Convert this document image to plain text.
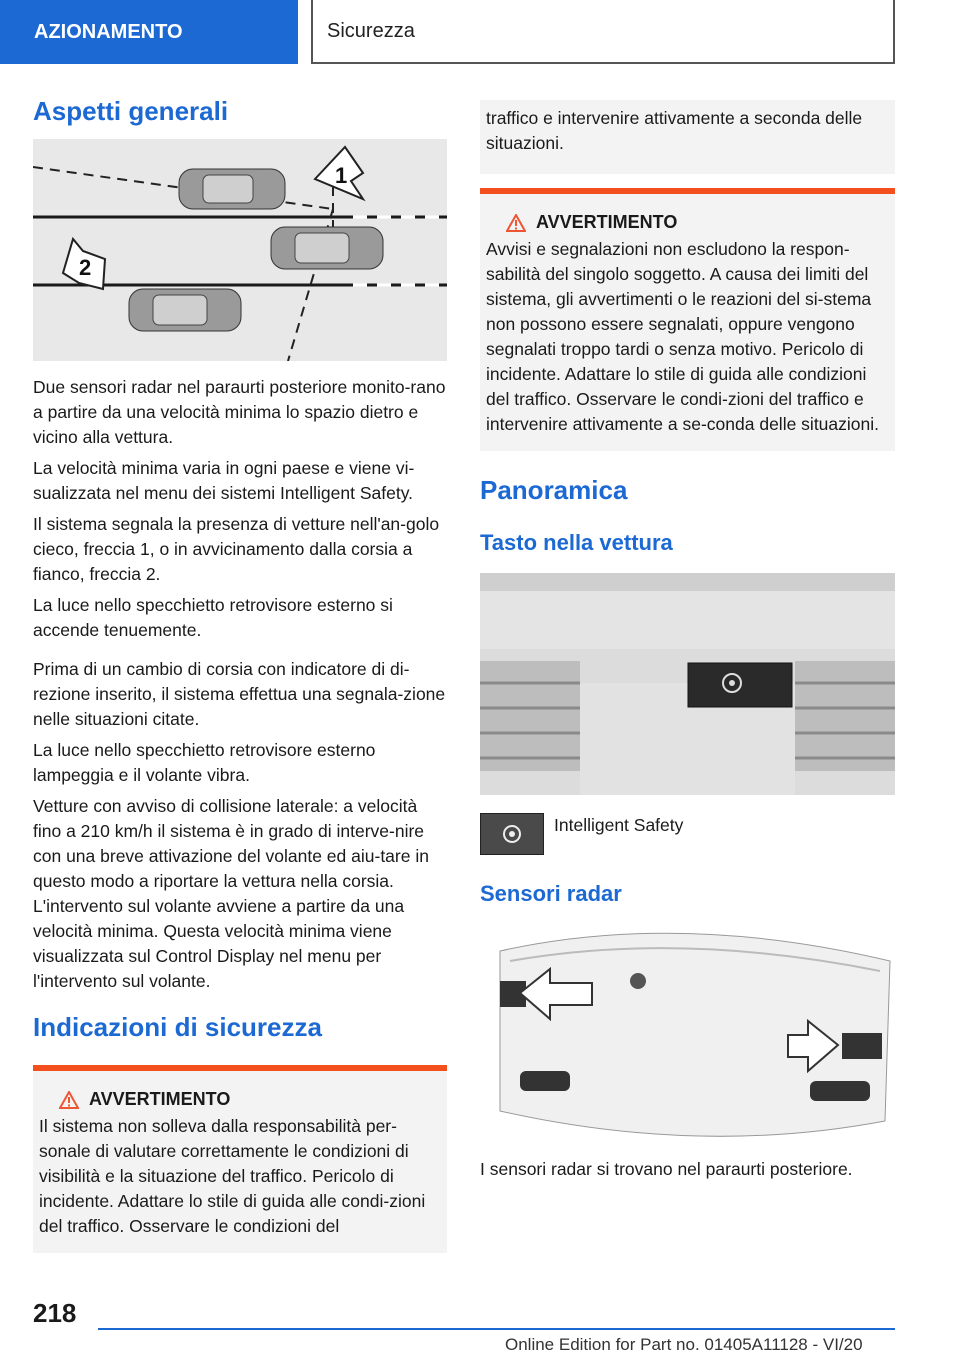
AZIONAMENTO	Sicurezza
Aspetti generali
1
2

Due sensori radar nel paraurti posteriore monito-rano a partire da una velocità minima lo spazio dietro e vicino alla vettura.

La velocità minima varia in ogni paese e viene vi-sualizzata nel menu dei sistemi Intelligent Safety.

Il sistema segnala la presenza di vetture nell'an-golo cieco, freccia 1, o in avvicinamento dalla corsia a fianco, freccia 2.

La luce nello specchietto retrovisore esterno si accende tenuemente.

Prima di un cambio di corsia con indicatore di di-rezione inserito, il sistema effettua una segnala-zione nelle situazioni citate.

La luce nello specchietto retrovisore esterno lampeggia e il volante vibra.

Vetture con avviso di collisione laterale: a velocità fino a 210 km/h il sistema è in grado di interve-nire con una breve attivazione del volante ed aiu-tare in questo modo a riportare la vettura nella corsia. L'intervento sul volante avviene a partire da una velocità minima. Questa velocità minima viene visualizzata sul Control Display nel menu per l'intervento sul volante.

Indicazioni di sicurezza
AVVERTIMENTO

Il sistema non solleva dalla responsabilità per-sonale di valutare correttamente le condizioni di visibilità e la situazione del traffico. Pericolo di incidente. Adattare lo stile di guida alle condi-zioni del traffico. Osservare le condizioni del

traffico e intervenire attivamente a seconda delle situazioni.

AVVERTIMENTO

Avvisi e segnalazioni non escludono la respon-sabilità del singolo soggetto. A causa dei limiti del sistema, gli avvertimenti o le reazioni del si-stema non possono essere segnalati, oppure vengono segnalati troppo tardi o senza motivo. Pericolo di incidente. Adattare lo stile di guida alle condizioni del traffico. Osservare le condi-zioni del traffico e intervenire attivamente a se-conda delle situazioni.

Panoramica
Tasto nella vettura

Intelligent Safety

Sensori radar

I sensori radar si trovano nel paraurti posteriore.

218
Online Edition for Part no. 01405A11128 - VI/20
